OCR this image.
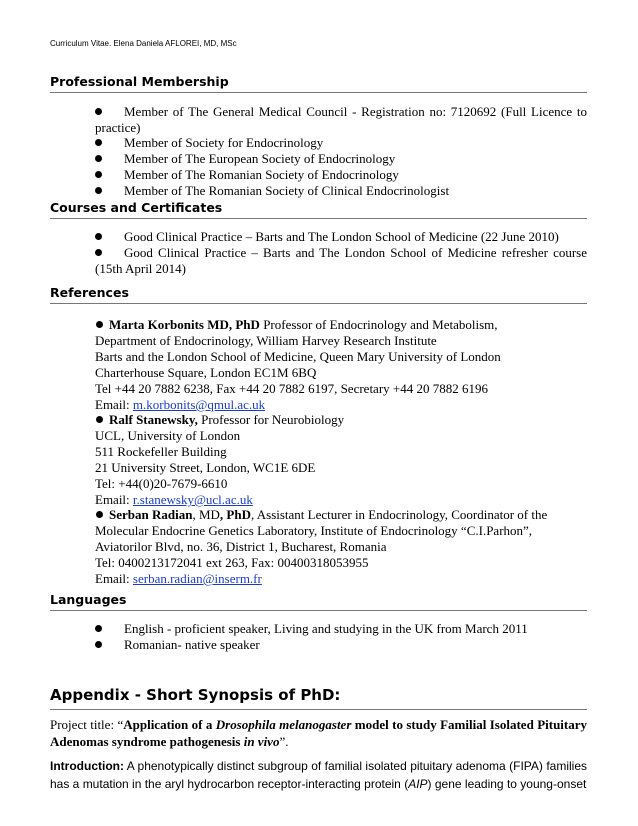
Curriculum Vitae. Elena Daniela AFLOREI, MD, MSc
Professional Membership
Member of The General Medical Council - Registration no: 7120692 (Full Licence to practice)
Member of Society for Endocrinology
Member of The European Society of Endocrinology
Member of The Romanian Society of Endocrinology
Member of The Romanian Society of Clinical Endocrinologist
Courses and Certificates
Good Clinical Practice – Barts and The London School of Medicine (22 June 2010)
Good Clinical Practice – Barts and The London School of Medicine refresher course (15th April 2014)
References
Marta Korbonits MD, PhD Professor of Endocrinology and Metabolism,
Department of Endocrinology, William Harvey Research Institute
Barts and the London School of Medicine, Queen Mary University of London
Charterhouse Square, London EC1M 6BQ
Tel +44 20 7882 6238, Fax +44 20 7882 6197, Secretary +44 20 7882 6196
Email: m.korbonits@qmul.ac.uk
Ralf Stanewsky, Professor for Neurobiology
UCL, University of London
511 Rockefeller Building
21 University Street, London, WC1E 6DE
Tel: +44(0)20-7679-6610
Email: r.stanewsky@ucl.ac.uk
Serban Radian, MD, PhD, Assistant Lecturer in Endocrinology, Coordinator of the
Molecular Endocrine Genetics Laboratory, Institute of Endocrinology “C.I.Parhon”,
Aviatorilor Blvd, no. 36, District 1, Bucharest, Romania
Tel: 0400213172041 ext 263, Fax: 00400318053955
Email: serban.radian@inserm.fr
Languages
English - proficient speaker, Living and studying in the UK from March 2011
Romanian- native speaker
Appendix - Short Synopsis of PhD:
Project title: “Application of a Drosophila melanogaster model to study Familial Isolated Pituitary Adenomas syndrome pathogenesis in vivo”.
Introduction: A phenotypically distinct subgroup of familial isolated pituitary adenoma (FIPA) families has a mutation in the aryl hydrocarbon receptor-interacting protein (AIP) gene leading to young-onset
